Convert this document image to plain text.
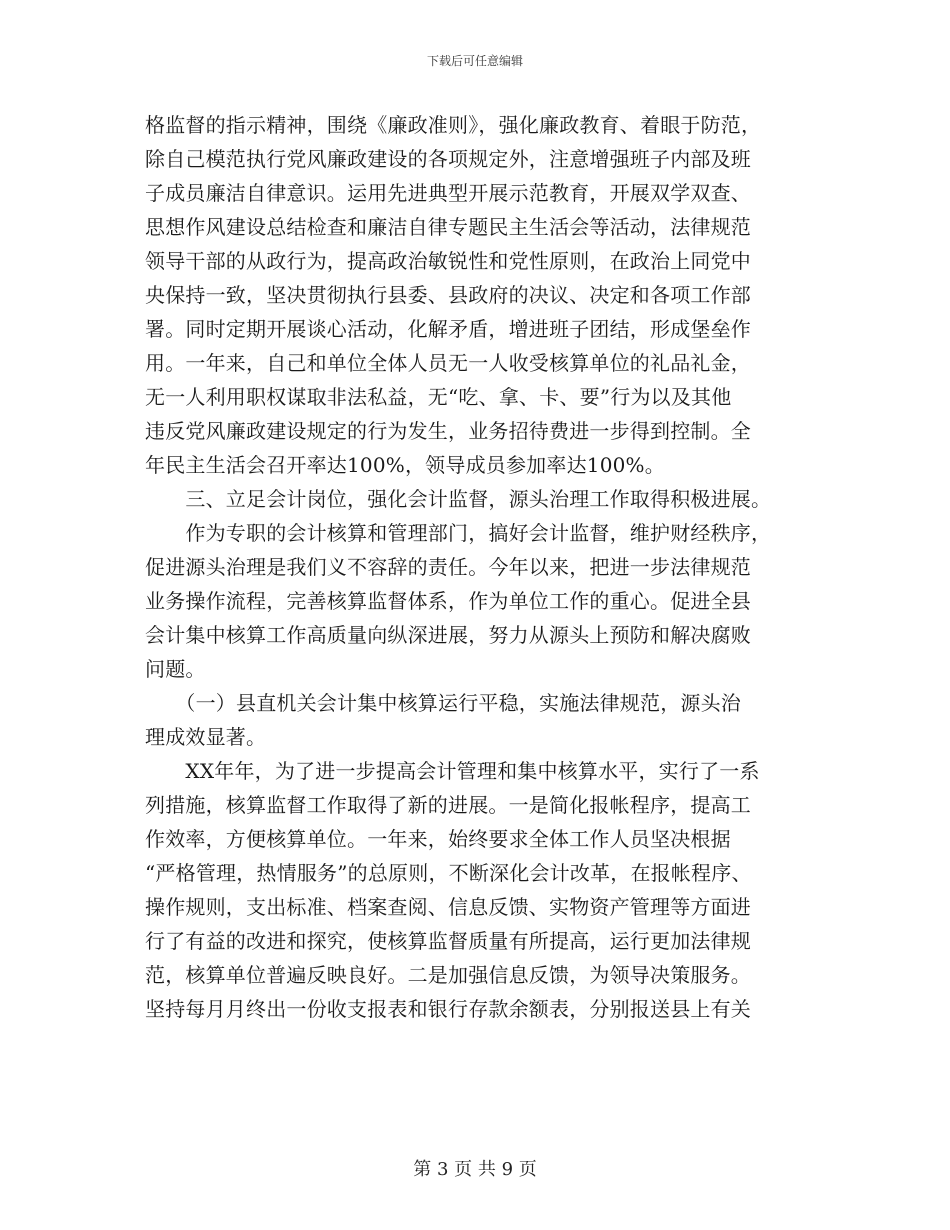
下载后可任意编辑
格监督的指示精神，围绕《廉政准则》，强化廉政教育、着眼于防范，
除自己模范执行党风廉政建设的各项规定外，注意增强班子内部及班
子成员廉洁自律意识。运用先进典型开展示范教育，开展双学双查、
思想作风建设总结检查和廉洁自律专题民主生活会等活动，法律规范
领导干部的从政行为，提高政治敏锐性和党性原则，在政治上同党中
央保持一致，坚决贯彻执行县委、县政府的决议、决定和各项工作部
署。同时定期开展谈心活动，化解矛盾，增进班子团结，形成堡垒作
用。一年来，自己和单位全体人员无一人收受核算单位的礼品礼金，
无一人利用职权谋取非法私益，无“吃、拿、卡、要”行为以及其他
违反党风廉政建设规定的行为发生，业务招待费进一步得到控制。全
年民主生活会召开率达100%，领导成员参加率达100%。
　　三、立足会计岗位，强化会计监督，源头治理工作取得积极进展。
　　作为专职的会计核算和管理部门，搞好会计监督，维护财经秩序，
促进源头治理是我们义不容辞的责任。今年以来，把进一步法律规范
业务操作流程，完善核算监督体系，作为单位工作的重心。促进全县
会计集中核算工作高质量向纵深进展，努力从源头上预防和解决腐败
问题。
　　（一）县直机关会计集中核算运行平稳，实施法律规范，源头治
理成效显著。
　　XX年年，为了进一步提高会计管理和集中核算水平，实行了一系
列措施，核算监督工作取得了新的进展。一是简化报帐程序，提高工
作效率，方便核算单位。一年来，始终要求全体工作人员坚决根据
“严格管理，热情服务”的总原则，不断深化会计改革，在报帐程序、
操作规则，支出标准、档案查阅、信息反馈、实物资产管理等方面进
行了有益的改进和探究，使核算监督质量有所提高，运行更加法律规
范，核算单位普遍反映良好。二是加强信息反馈，为领导决策服务。
坚持每月月终出一份收支报表和银行存款余额表，分别报送县上有关
第 3 页 共 9 页
